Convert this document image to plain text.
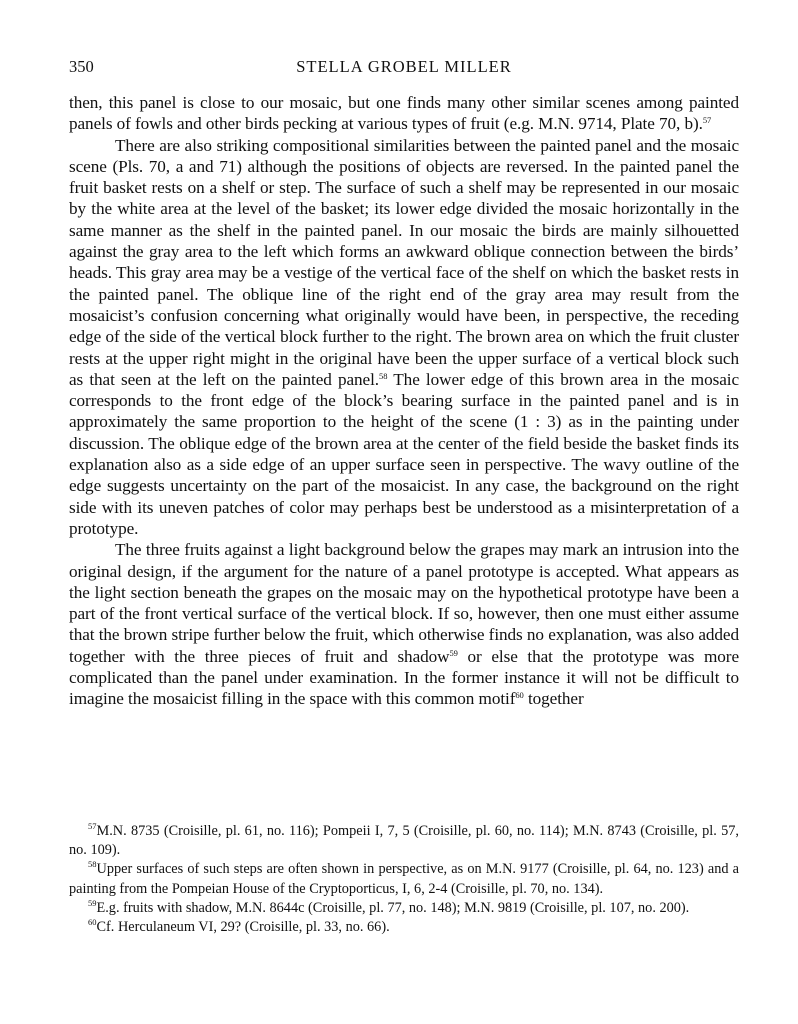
350	STELLA GROBEL MILLER

then, this panel is close to our mosaic, but one finds many other similar scenes among painted panels of fowls and other birds pecking at various types of fruit (e.g. M.N. 9714, Plate 70, b).$^{57}$

There are also striking compositional similarities between the painted panel and the mosaic scene (Pls. 70, a and 71) although the positions of objects are reversed. In the painted panel the fruit basket rests on a shelf or step. The surface of such a shelf may be represented in our mosaic by the white area at the level of the basket; its lower edge divided the mosaic horizontally in the same manner as the shelf in the painted panel. In our mosaic the birds are mainly silhouetted against the gray area to the left which forms an awkward oblique connection between the birds’ heads. This gray area may be a vestige of the vertical face of the shelf on which the basket rests in the painted panel. The oblique line of the right end of the gray area may result from the mosaicist’s confusion concerning what originally would have been, in perspective, the receding edge of the side of the vertical block further to the right. The brown area on which the fruit cluster rests at the upper right might in the original have been the upper surface of a vertical block such as that seen at the left on the painted panel.$^{58}$ The lower edge of this brown area in the mosaic corresponds to the front edge of the block’s bearing surface in the painted panel and is in approximately the same proportion to the height of the scene (1 : 3) as in the painting under discussion. The oblique edge of the brown area at the center of the field beside the basket finds its explanation also as a side edge of an upper surface seen in perspective. The wavy outline of the edge suggests uncertainty on the part of the mosaicist. In any case, the background on the right side with its uneven patches of color may perhaps best be understood as a misinterpretation of a prototype.

The three fruits against a light background below the grapes may mark an intrusion into the original design, if the argument for the nature of a panel prototype is accepted. What appears as the light section beneath the grapes on the mosaic may on the hypothetical prototype have been a part of the front vertical surface of the vertical block. If so, however, then one must either assume that the brown stripe further below the fruit, which otherwise finds no explanation, was also added together with the three pieces of fruit and shadow$^{59}$ or else that the prototype was more complicated than the panel under examination. In the former instance it will not be difficult to imagine the mosaicist filling in the space with this common motif$^{60}$ together

$^{57}$M.N. 8735 (Croisille, pl. 61, no. 116); Pompeii I, 7, 5 (Croisille, pl. 60, no. 114); M.N. 8743 (Croisille, pl. 57, no. 109).

$^{58}$Upper surfaces of such steps are often shown in perspective, as on M.N. 9177 (Croisille, pl. 64, no. 123) and a painting from the Pompeian House of the Cryptoporticus, I, 6, 2-4 (Croisille, pl. 70, no. 134).

$^{59}$E.g. fruits with shadow, M.N. 8644c (Croisille, pl. 77, no. 148); M.N. 9819 (Croisille, pl. 107, no. 200).

$^{60}$Cf. Herculaneum VI, 29? (Croisille, pl. 33, no. 66).
